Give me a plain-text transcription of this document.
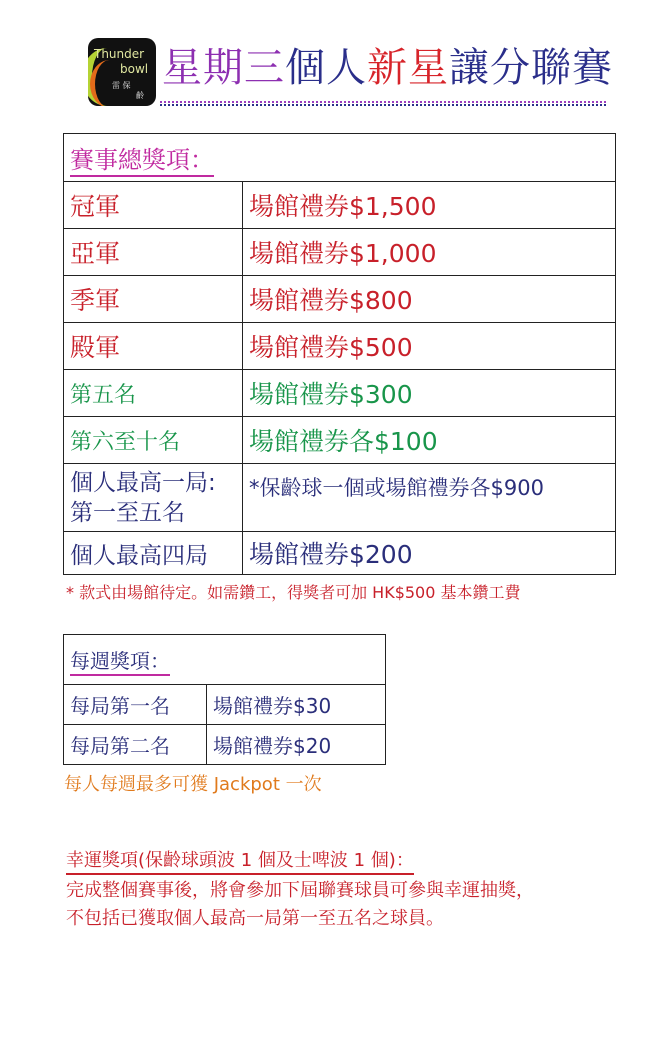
Thunder
bowl
雷 保
齡
星期三個人新星讓分聯賽
賽事總獎項：	
冠軍	場館禮券$1,500
亞軍	場館禮券$1,000
季軍	場館禮券$800
殿軍	場館禮券$500
第五名	場館禮券$300
第六至十名	場館禮券各$100

個人最高一局:
第一至五名	*保齡球一個或場館禮券各$900
個人最高四局	場館禮券$200
* 款式由場館待定。如需鑽工，得獎者可加 HK$500 基本鑽工費
每週獎項：	
每局第一名	場館禮券$30
每局第二名	場館禮券$20
每人每週最多可獲 Jackpot 一次
幸運獎項(保齡球頭波 1 個及士啤波 1 個)：
完成整個賽事後，將會參加下屆聯賽球員可參與幸運抽獎，
不包括已獲取個人最高一局第一至五名之球員。
